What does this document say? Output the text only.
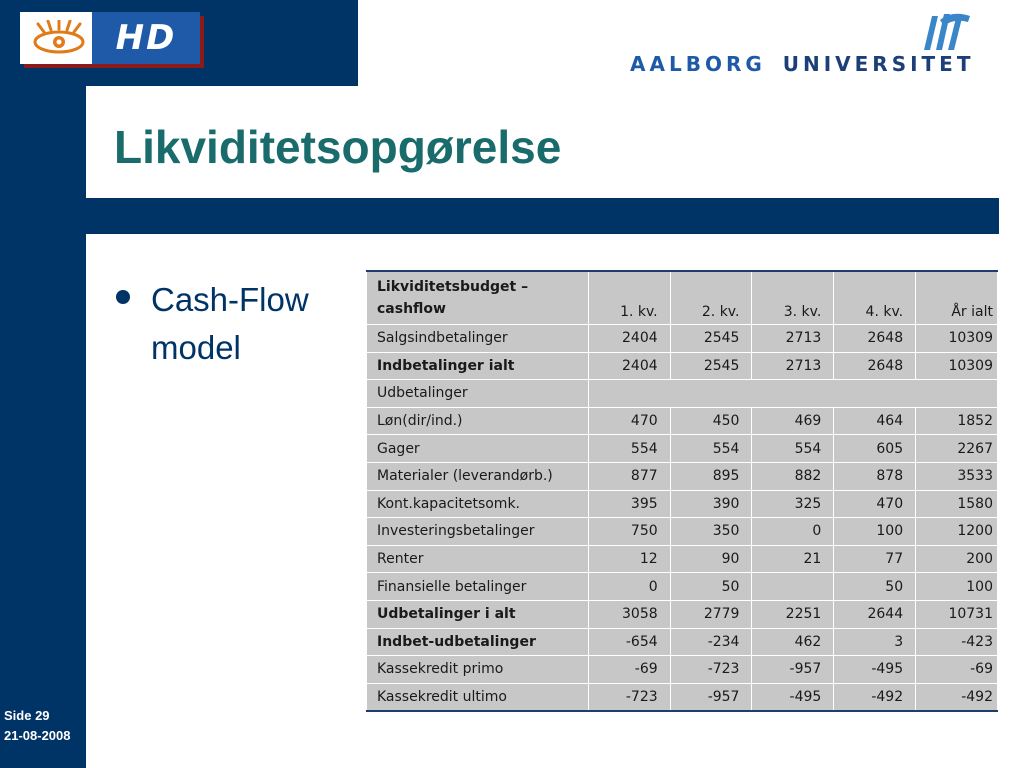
HD
AALBORG UNIVERSITET
Likviditetsopgørelse
Cash-Flow model
Likviditetsbudget – cashflow	1. kv.	2. kv.	3. kv.	4. kv.	År ialt
Salgsindbetalinger	2404	2545	2713	2648	10309
Indbetalinger ialt	2404	2545	2713	2648	10309
Udbetalinger					
Løn(dir/ind.)	470	450	469	464	1852
Gager	554	554	554	605	2267
Materialer (leverandørb.)	877	895	882	878	3533
Kont.kapacitetsomk.	395	390	325	470	1580
Investeringsbetalinger	750	350	0	100	1200
Renter	12	90	21	77	200
Finansielle betalinger	0	50		50	100
Udbetalinger i alt	3058	2779	2251	2644	10731
Indbet-udbetalinger	-654	-234	462	3	-423
Kassekredit primo	-69	-723	-957	-495	-69
Kassekredit ultimo	-723	-957	-495	-492	-492
Side 29
21-08-2008
